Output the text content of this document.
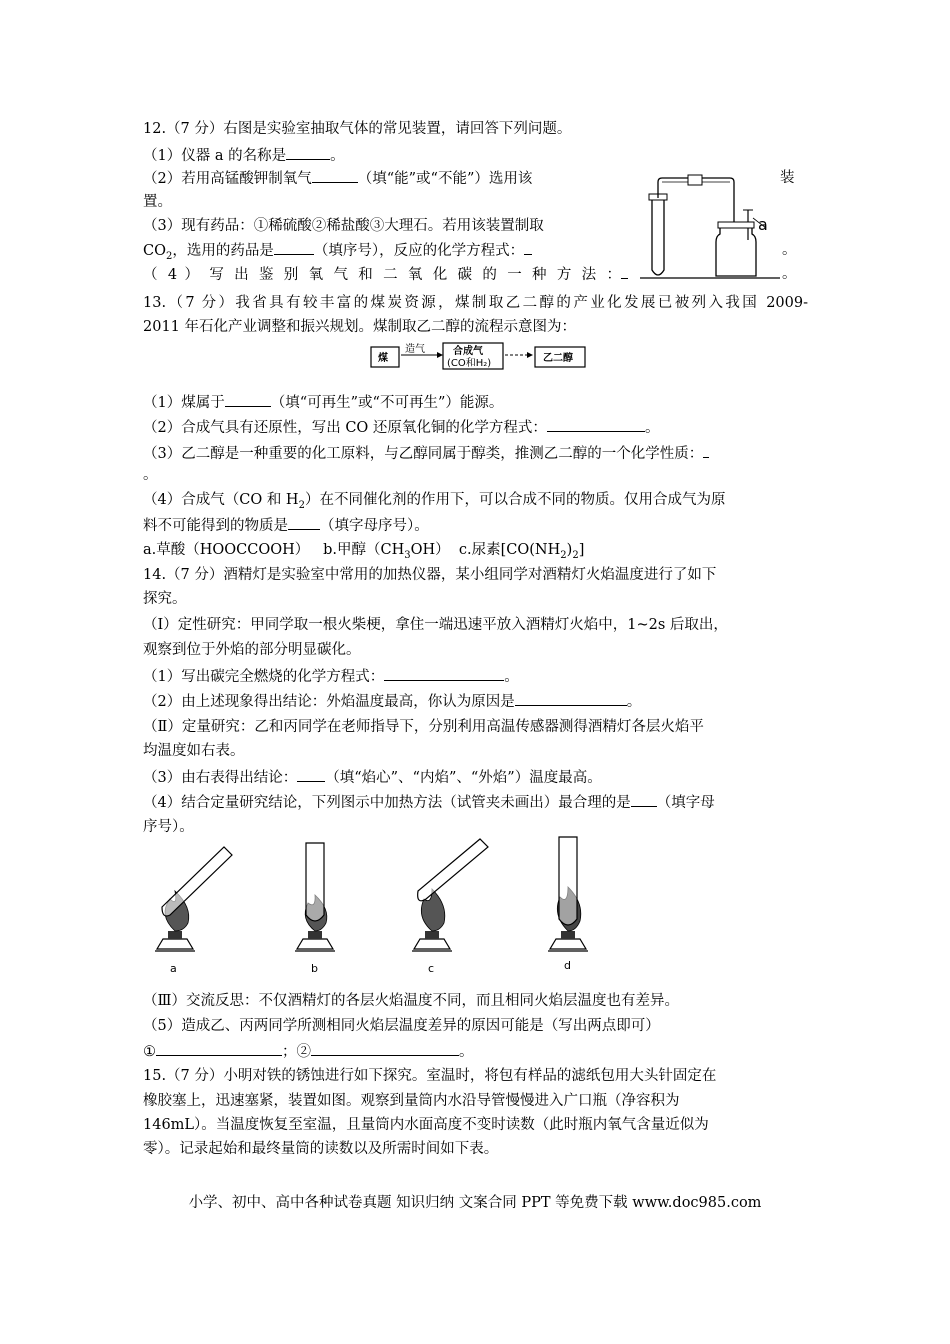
12.（7 分）右图是实验室抽取气体的常见装置，请回答下列问题。
（1）仪器 a 的名称是	。
（2）若用高锰酸钾制氧气	（填“能”或“不能”）选用该	装
置。
（3）现有药品：①稀硫酸②稀盐酸③大理石。若用该装置制取
$CO_2$，选用的药品是	（填序号），反应的化学方程式：	。
（ 4 ） 写 出 鉴 别 氧 气 和 二 氧 化 碳 的 一 种 方 法 ：	。
a
13.（7 分）我省具有较丰富的煤炭资源，煤制取乙二醇的产业化发展已被列入我国 2009-
2011 年石化产业调整和振兴规划。煤制取乙二醇的流程示意图为：
煤
造气	合成气
(CO和H₂)	乙二醇
（1）煤属于	（填“可再生”或“不可再生”）能源。
（2）合成气具有还原性，写出 CO 还原氧化铜的化学方程式：	。
（3）乙二醇是一种重要的化工原料，与乙醇同属于醇类，推测乙二醇的一个化学性质：
。
（4）合成气（CO 和 $H_2$）在不同催化剂的作用下，可以合成不同的物质。仅用合成气为原
料不可能得到的物质是 （填字母序号）。
a.草酸（HOOCCOOH） b.甲醇$(CH_3OH)$ c.尿素$[CO(NH_2)_2]$
14.（7 分）酒精灯是实验室中常用的加热仪器，某小组同学对酒精灯火焰温度进行了如下
探究。
（Ⅰ）定性研究：甲同学取一根火柴梗，拿住一端迅速平放入酒精灯火焰中，1~2s 后取出，
观察到位于外焰的部分明显碳化。
（1）写出碳完全燃烧的化学方程式：	。
（2）由上述现象得出结论：外焰温度最高，你认为原因是	。
（Ⅱ）定量研究：乙和丙同学在老师指导下，分别利用高温传感器测得酒精灯各层火焰平
均温度如右表。
（3）由右表得出结论： （填“焰心”、“内焰”、“外焰”）温度最高。
（4）结合定量研究结论，下列图示中加热方法（试管夹未画出）最合理的是 （填字母
序号）。
a	b	c	d
（Ⅲ）交流反思：不仅酒精灯的各层火焰温度不同，而且相同火焰层温度也有差异。
（5）造成乙、丙两同学所测相同火焰层温度差异的原因可能是（写出两点即可）
①	；②	。
15.（7 分）小明对铁的锈蚀进行如下探究。室温时，将包有样品的滤纸包用大头针固定在
橡胶塞上，迅速塞紧，装置如图。观察到量筒内水沿导管慢慢进入广口瓶（净容积为
146mL）。当温度恢复至室温，且量筒内水面高度不变时读数（此时瓶内氧气含量近似为
零）。记录起始和最终量筒的读数以及所需时间如下表。
小学、初中、高中各种试卷真题 知识归纳 文案合同 PPT 等免费下载 www.doc985.com
